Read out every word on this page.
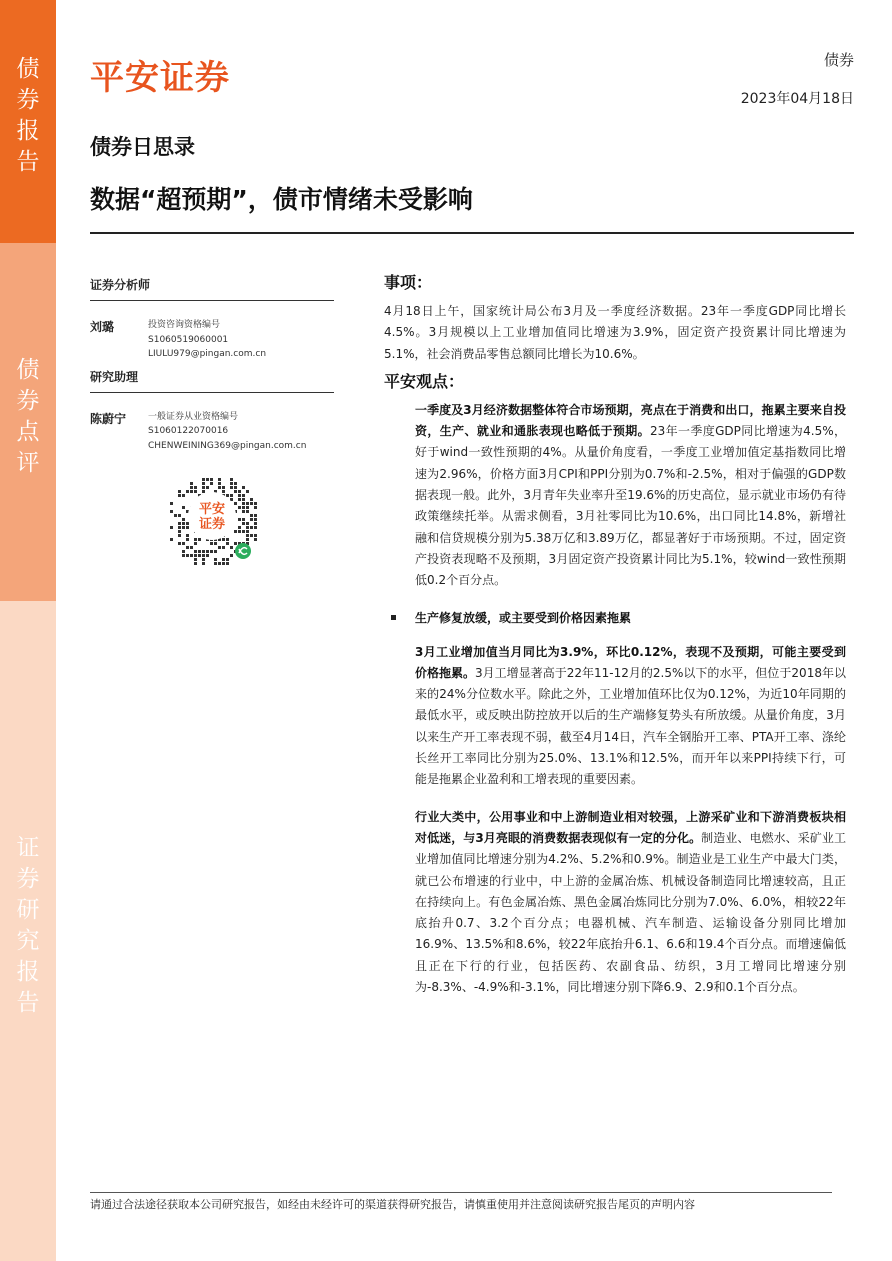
债
券
报
告
债
券
点
评
证
券
研
究
报
告
平安证券	债券
2023年04月18日
债券日思录
数据“超预期”，债市情绪未受影响
证券分析师
刘璐	投资咨询资格编号
S1060519060001
LIULU979@pingan.com.cn
研究助理
陈蔚宁	一般证券从业资格编号
S1060122070016
CHENWEINING369@pingan.com.cn
平安
证券
事项：

4月18日上午，国家统计局公布3月及一季度经济数据。23年一季度GDP同比增长4.5%。3月规模以上工业增加值同比增速为3.9%，固定资产投资累计同比增速为5.1%，社会消费品零售总额同比增长为10.6%。

平安观点：

一季度及3月经济数据整体符合市场预期，亮点在于消费和出口，拖累主要来自投资，生产、就业和通胀表现也略低于预期。23年一季度GDP同比增速为4.5%，好于wind一致性预期的4%。从量价角度看，一季度工业增加值定基指数同比增速为2.96%，价格方面3月CPI和PPI分别为0.7%和-2.5%，相对于偏强的GDP数据表现一般。此外，3月青年失业率升至19.6%的历史高位，显示就业市场仍有待政策继续托举。从需求侧看，3月社零同比为10.6%，出口同比14.8%，新增社融和信贷规模分别为5.38万亿和3.89万亿，都显著好于市场预期。不过，固定资产投资表现略不及预期，3月固定资产投资累计同比为5.1%，较wind一致性预期低0.2个百分点。

生产修复放缓，或主要受到价格因素拖累

3月工业增加值当月同比为3.9%，环比0.12%，表现不及预期，可能主要受到价格拖累。3月工增显著高于22年11-12月的2.5%以下的水平，但位于2018年以来的24%分位数水平。除此之外，工业增加值环比仅为0.12%，为近10年同期的最低水平，或反映出防控放开以后的生产端修复势头有所放缓。从量价角度，3月以来生产开工率表现不弱，截至4月14日，汽车全钢胎开工率、PTA开工率、涤纶长丝开工率同比分别为25.0%、13.1%和12.5%，而开年以来PPI持续下行，可能是拖累企业盈利和工增表现的重要因素。

行业大类中，公用事业和中上游制造业相对较强，上游采矿业和下游消费板块相对低迷，与3月亮眼的消费数据表现似有一定的分化。制造业、电燃水、采矿业工业增加值同比增速分别为4.2%、5.2%和0.9%。制造业是工业生产中最大门类，就已公布增速的行业中，中上游的金属冶炼、机械设备制造同比增速较高，且正在持续向上。有色金属冶炼、黑色金属冶炼同比分别为7.0%、6.0%，相较22年底抬升0.7、3.2个百分点；电器机械、汽车制造、运输设备分别同比增加16.9%、13.5%和8.6%，较22年底抬升6.1、6.6和19.4个百分点。而增速偏低且正在下行的行业，包括医药、农副食品、纺织，3月工增同比增速分别为-8.3%、-4.9%和-3.1%，同比增速分别下降6.9、2.9和0.1个百分点。

请通过合法途径获取本公司研究报告，如经由未经许可的渠道获得研究报告，请慎重使用并注意阅读研究报告尾页的声明内容
